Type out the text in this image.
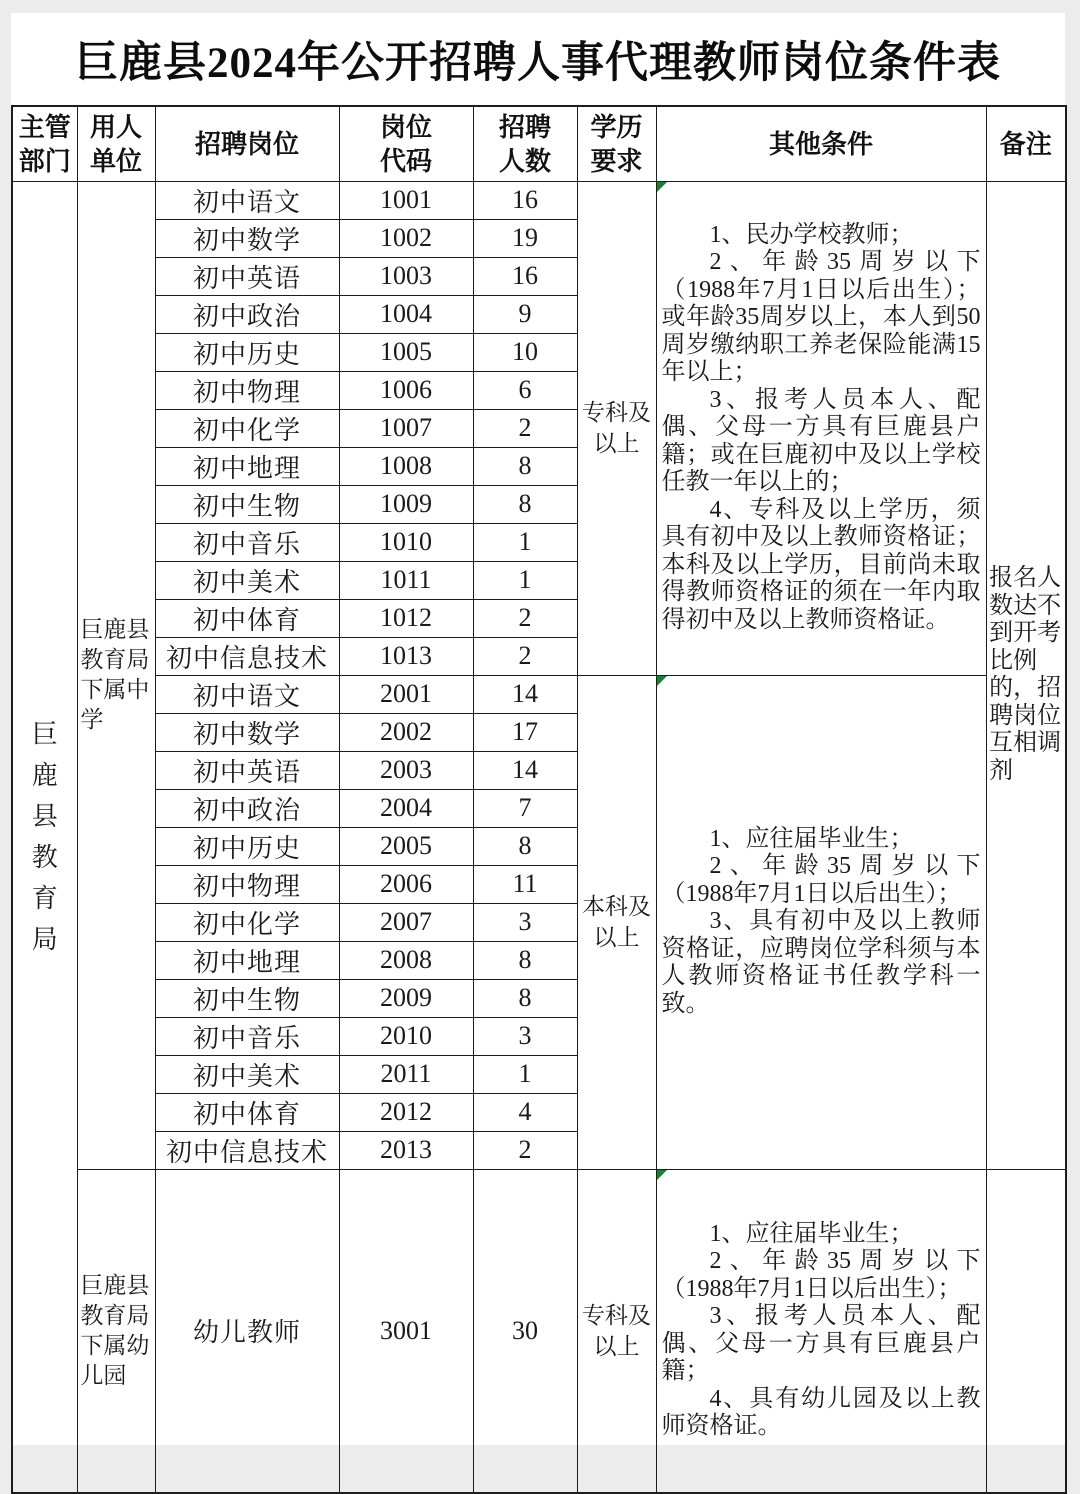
巨鹿县2024年公开招聘人事代理教师岗位条件表
主管部门	用人单位	招聘岗位	岗位代码	招聘人数	学历要求	其他条件	备注

巨鹿县教育局	巨鹿县教育局下属中学	初中语文	1001	16	专科及以上	1、民办学校教师；

2、年龄35周岁以下（1988年7月1日以后出生）；或年龄35周岁以上，本人到50周岁缴纳职工养老保险能满15年以上；

3、报考人员本人、配偶、父母一方具有巨鹿县户籍；或在巨鹿初中及以上学校任教一年以上的；

4、专科及以上学历，须具有初中及以上教师资格证；本科及以上学历，目前尚未取得教师资格证的须在一年内取得初中及以上教师资格证。	报名人数达不到开考比例的，招聘岗位互相调剂

		初中数学	1002	19			
		初中英语	1003	16			
		初中政治	1004	9			
		初中历史	1005	10			
		初中物理	1006	6			
		初中化学	1007	2			
		初中地理	1008	8			
		初中生物	1009	8			
		初中音乐	1010	1			
		初中美术	1011	1			
		初中体育	1012	2			
		初中信息技术	1013	2			
		初中语文	2001	14	本科及以上	1、应往届毕业生；

2、年龄35周岁以下（1988年7月1日以后出生）；

3、具有初中及以上教师资格证，应聘岗位学科须与本人教师资格证书任教学科一致。	

		初中数学	2002	17			
		初中英语	2003	14			
		初中政治	2004	7			
		初中历史	2005	8			
		初中物理	2006	11			
		初中化学	2007	3			
		初中地理	2008	8			
		初中生物	2009	8			
		初中音乐	2010	3			
		初中美术	2011	1			
		初中体育	2012	4			
		初中信息技术	2013	2			

	巨鹿县教育局下属幼儿园	幼儿教师	3001	30	专科及以上	1、应往届毕业生；

2、年龄35周岁以下（1988年7月1日以后出生）；

3、报考人员本人、配偶、父母一方具有巨鹿县户籍；

4、具有幼儿园及以上教师资格证。	
